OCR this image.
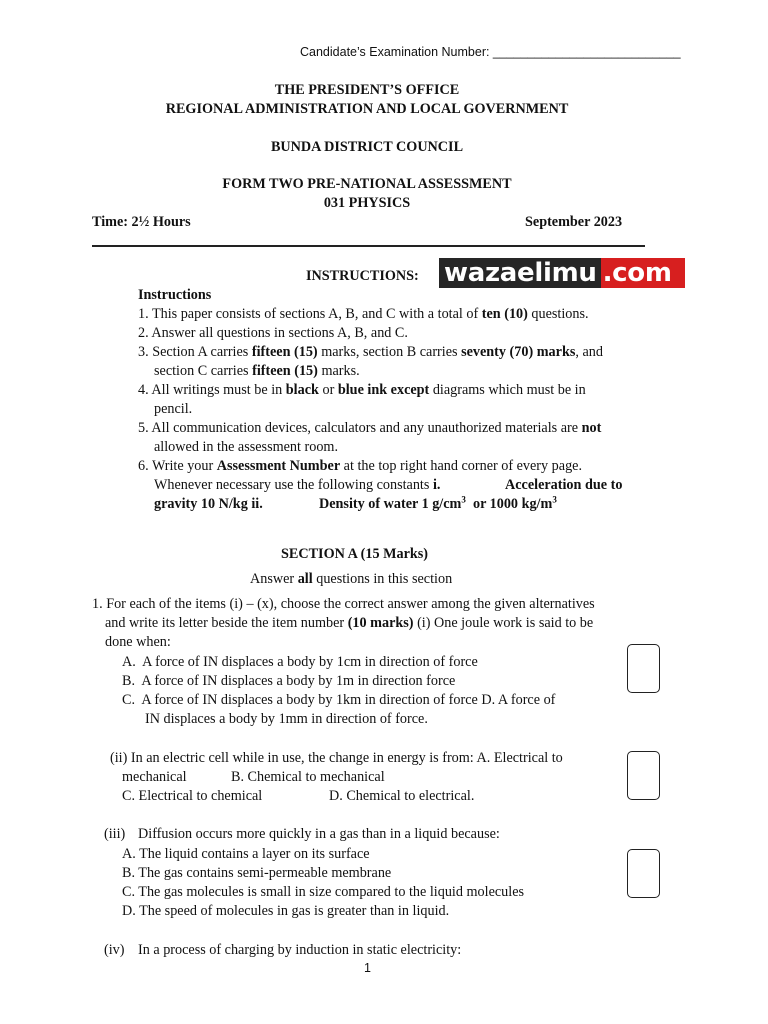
Candidate’s Examination Number: ___________________________
THE PRESIDENT’S OFFICE
REGIONAL ADMINISTRATION AND LOCAL GOVERNMENT
BUNDA DISTRICT COUNCIL
FORM TWO PRE-NATIONAL ASSESSMENT
031 PHYSICS
Time: 2½ Hours	September 2023
INSTRUCTIONS: wazaelimu .com
Instructions
1. This paper consists of sections A, B, and C with a total of ten (10) questions.
2. Answer all questions in sections A, B, and C.
3. Section A carries fifteen (15) marks, section B carries seventy (70) marks, and
section C carries fifteen (15) marks.
4. All writings must be in black or blue ink except diagrams which must be in
pencil.
5. All communication devices, calculators and any unauthorized materials are not
allowed in the assessment room.
6. Write your Assessment Number at the top right hand corner of every page.
Whenever necessary use the following constants i.	Acceleration due to
gravity 10 N/kg ii.	Density of water 1 $g/cm^3$ or 1000 $kg/m^3$
SECTION A (15 Marks)
Answer all questions in this section
1. For each of the items (i) – (x), choose the correct answer among the given alternatives
and write its letter beside the item number (10 marks) (i) One joule work is said to be
done when:
A. A force of IN displaces a body by 1cm in direction of force
B. A force of IN displaces a body by 1m in direction force
C. A force of IN displaces a body by 1km in direction of force D. A force of
IN displaces a body by 1mm in direction of force.
(ii) In an electric cell while in use, the change in energy is from: A. Electrical to
mechanical	B. Chemical to mechanical
C. Electrical to chemical	D. Chemical to electrical.
(iii) Diffusion occurs more quickly in a gas than in a liquid because:
A. The liquid contains a layer on its surface
B. The gas contains semi-permeable membrane
C. The gas molecules is small in size compared to the liquid molecules
D. The speed of molecules in gas is greater than in liquid.
(iv) In a process of charging by induction in static electricity:
1
